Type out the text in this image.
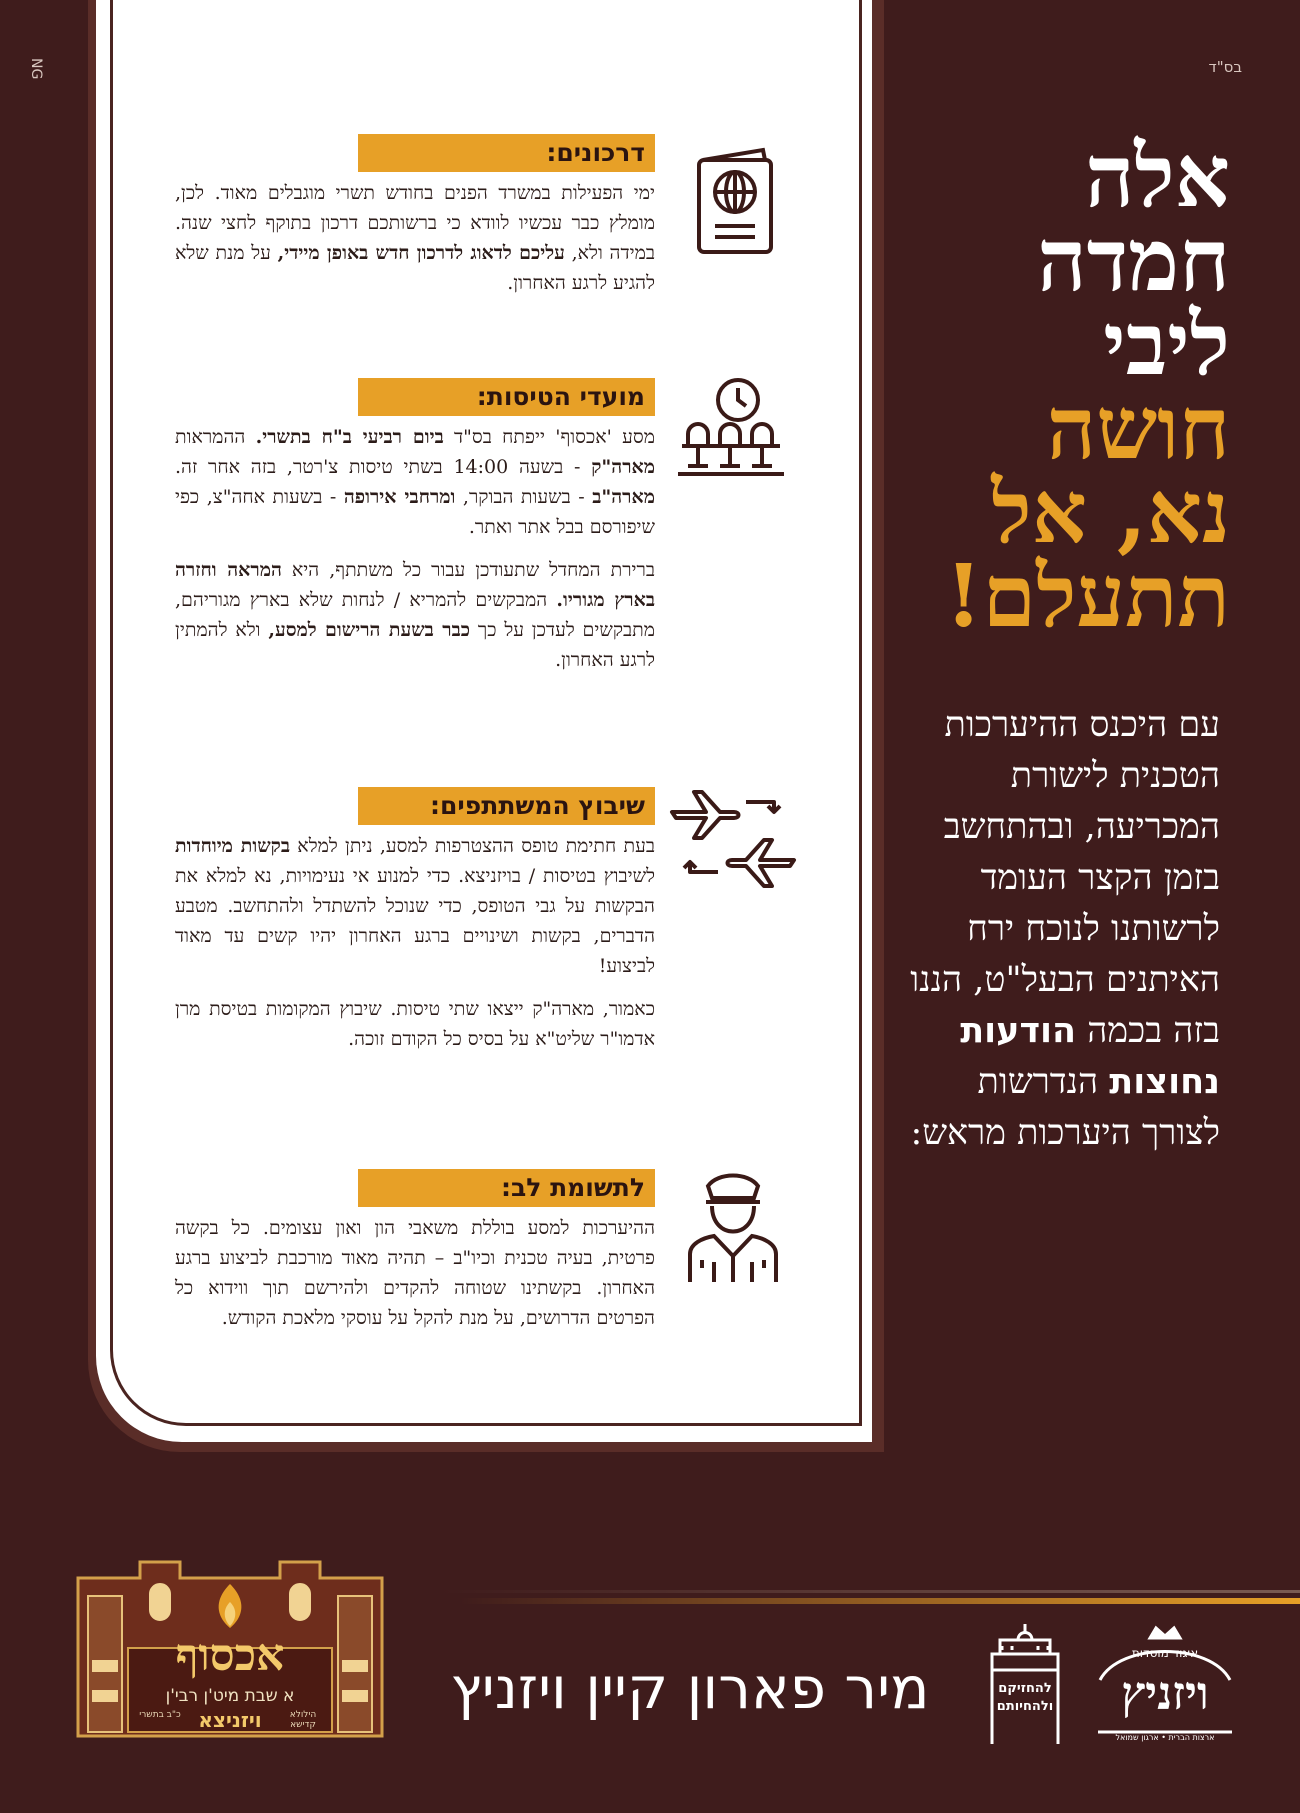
NG	בס"ד
דרכונים:

ימי הפעילות במשרד הפנים בחודש תשרי מוגבלים מאוד. לכן, מומלץ כבר עכשיו לוודא כי ברשותכם דרכון בתוקף לחצי שנה. במידה ולא, עליכם לדאוג לדרכון חדש באופן מיידי, על מנת שלא להגיע לרגע האחרון.

מועדי הטיסות:

מסע 'אכסוף' ייפתח בס"ד ביום רביעי ב"ח בתשרי. ההמראות מארה"ק - בשעה 14:00 בשתי טיסות צ'רטר, בזה אחר זה. מארה"ב - בשעות הבוקר, ומרחבי אירופה - בשעות אחה"צ, כפי שיפורסם בבל אתר ואתר.

ברירת המחדל שתעודכן עבור כל משתתף, היא המראה וחזרה בארץ מגוריו. המבקשים להמריא / לנחות שלא בארץ מגוריהם, מתבקשים לעדכן על כך כבר בשעת הרישום למסע, ולא להמתין לרגע האחרון.

שיבוץ המשתתפים:

בעת חתימת טופס ההצטרפות למסע, ניתן למלא בקשות מיוחדות לשיבוץ בטיסות / בויזניצא. כדי למנוע אי נעימויות, נא למלא את הבקשות על גבי הטופס, כדי שנוכל להשתדל ולהתחשב. מטבע הדברים, בקשות ושינויים ברגע האחרון יהיו קשים עד מאוד לביצוע!

כאמור, מארה"ק ייצאו שתי טיסות. שיבוץ המקומות בטיסת מרן אדמו"ר שליט"א על בסיס כל הקודם זוכה.

לתשומת לב:

ההיערכות למסע בוללת משאבי הון ואון עצומים. כל בקשה פרטית, בעיה טכנית וכיו"ב – תהיה מאוד מורכבת לביצוע ברגע האחרון. בקשתינו שטוחה להקדים ולהירשם תוך ווידוא כל הפרטים הדרושים, על מנת להקל על עוסקי מלאכת הקודש.

אלה
חמדה
ליבי
חושה
נא, אל
תתעלם!
עם היכנס ההיערכות הטכנית לישורת המכריעה, ובהתחשב בזמן הקצר העומד לרשותנו לנוכח ירח האיתנים הבעל"ט, הננו בזה בכמה הודעות נחוצות הנדרשות לצורך היערכות מראש:
אכסוף
א שבת מיט'ן רבי'ן
ויזניצא
כ"ב בתשרי	הילולא קדישא
מיר פארון קיין ויזניץ	להחזיקם ולהחיותם
איגוד מוסדות
ויזניץ
ארצות הברית • ארגון שמואל
